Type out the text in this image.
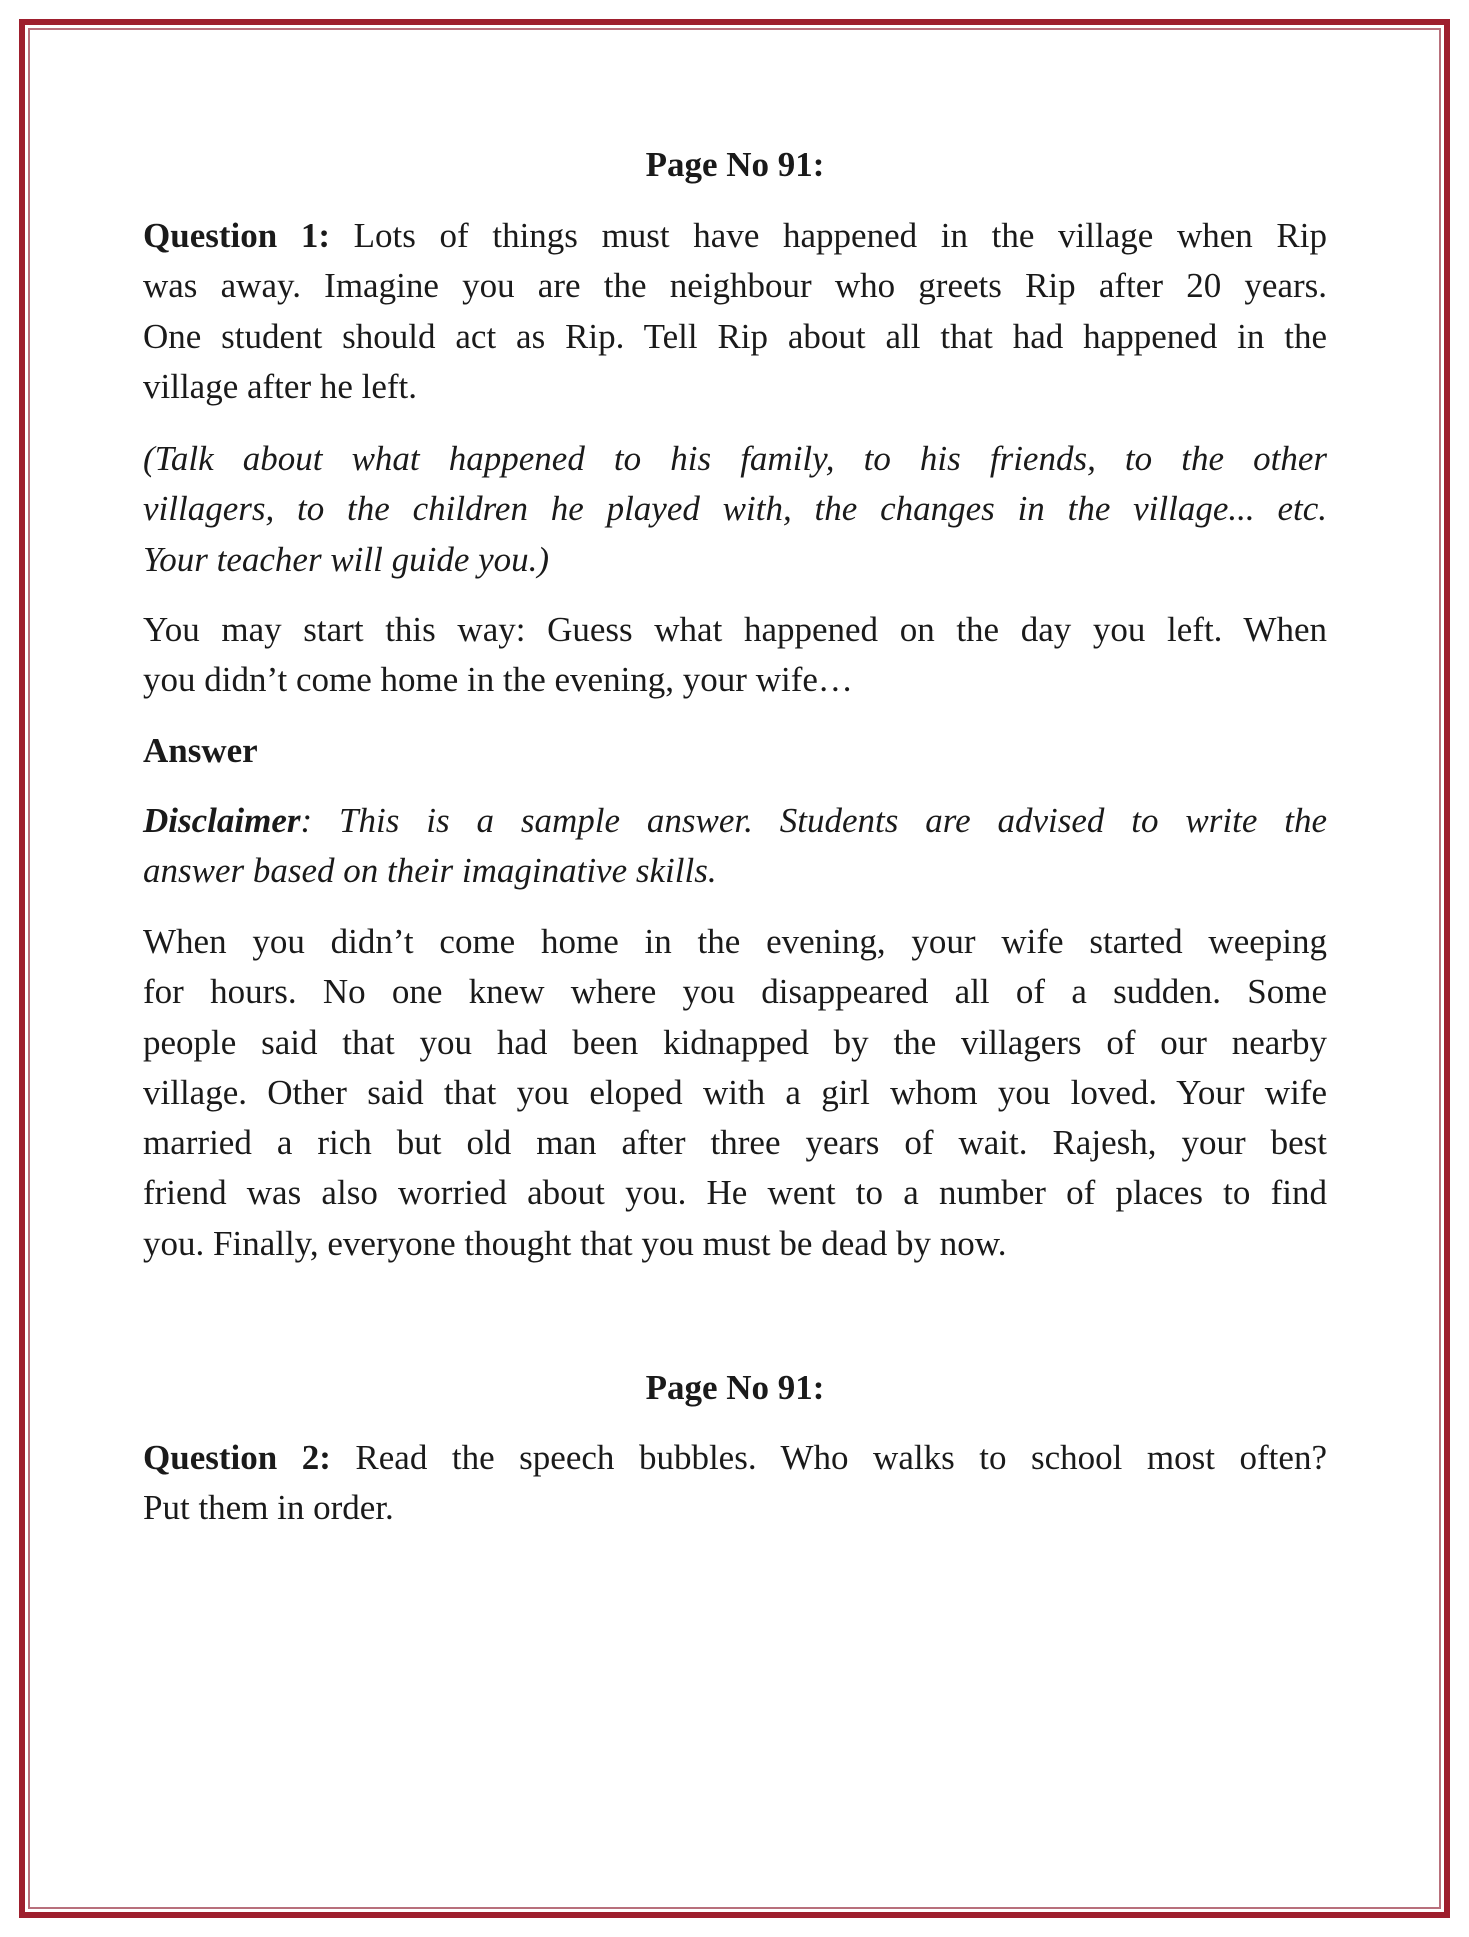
Page No 91:
Question 1: Lots of things must have happened in the village when Rip
was away. Imagine you are the neighbour who greets Rip after 20 years.
One student should act as Rip. Tell Rip about all that had happened in the
village after he left.
(Talk about what happened to his family, to his friends, to the other
villagers, to the children he played with, the changes in the village... etc.
Your teacher will guide you.)
You may start this way: Guess what happened on the day you left. When
you didn’t come home in the evening, your wife…
Answer
Disclaimer: This is a sample answer. Students are advised to write the
answer based on their imaginative skills.
When you didn’t come home in the evening, your wife started weeping
for hours. No one knew where you disappeared all of a sudden. Some
people said that you had been kidnapped by the villagers of our nearby
village. Other said that you eloped with a girl whom you loved. Your wife
married a rich but old man after three years of wait. Rajesh, your best
friend was also worried about you. He went to a number of places to find
you. Finally, everyone thought that you must be dead by now.
Page No 91:
Question 2: Read the speech bubbles. Who walks to school most often?
Put them in order.
